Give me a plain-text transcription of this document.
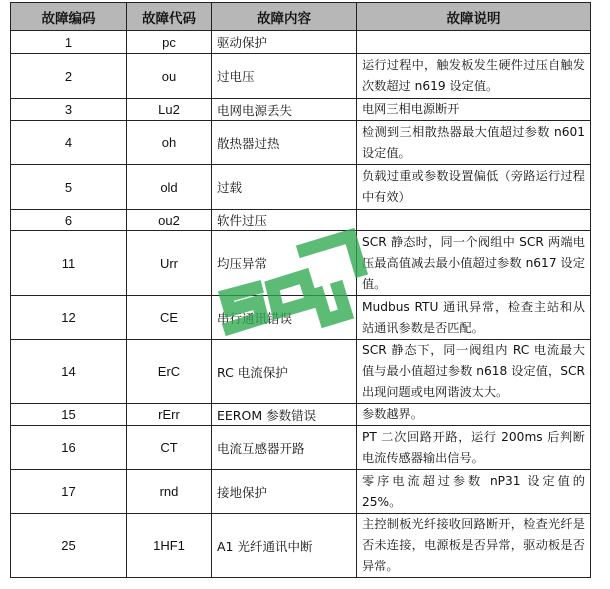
故障编码	故障代码	故障内容	故障说明
1	pc	驱动保护	
2	ou	过电压	运行过程中，触发板发生硬件过压自触发次数超过 n619 设定值。
3	Lu2	电网电源丢失	电网三相电源断开
4	oh	散热器过热	检测到三相散热器最大值超过参数 n601 设定值。
5	old	过载	负载过重或参数设置偏低（旁路运行过程中有效）
6	ou2	软件过压	
11	Urr	均压异常	SCR 静态时，同一个阀组中 SCR 两端电压最高值减去最小值超过参数 n617 设定值。
12	CE	串行通讯错误	Mudbus RTU 通讯异常，检查主站和从站通讯参数是否匹配。
14	ErC	RC 电流保护	SCR 静态下，同一阀组内 RC 电流最大值与最小值超过参数 n618 设定值，SCR 出现问题或电网谐波太大。
15	rErr	EEROM 参数错误	参数越界。
16	CT	电流互感器开路	PT 二次回路开路，运行 200ms 后判断电流传感器输出信号。
17	rnd	接地保护	零序电流超过参数 nP31 设定值的 25%。
25	1HF1	A1 光纤通讯中断	主控制板光纤接收回路断开，检查光纤是否未连接，电源板是否异常，驱动板是否异常。
